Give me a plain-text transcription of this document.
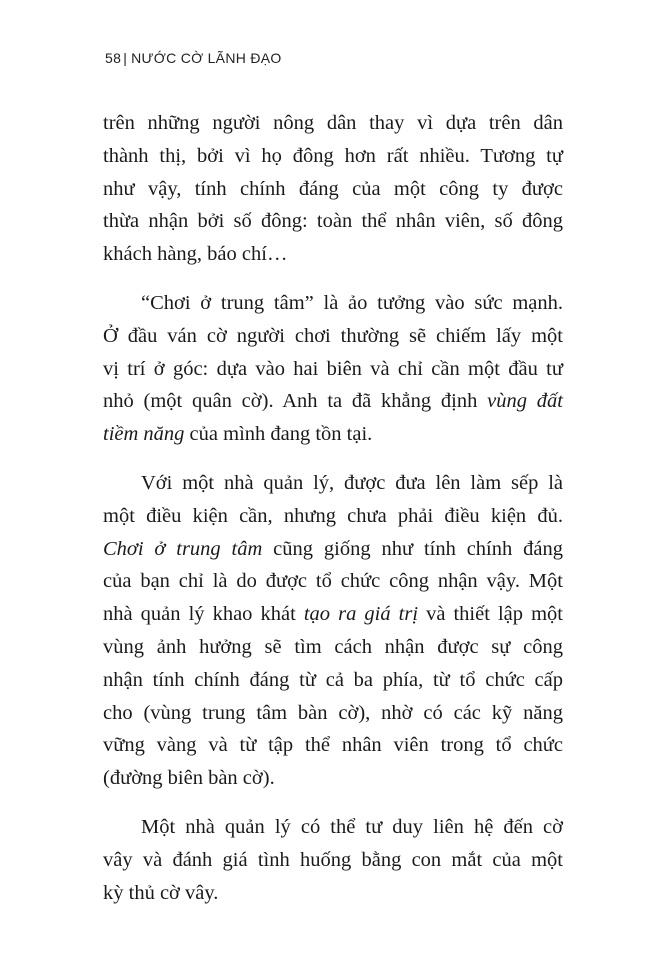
58 | NƯỚC CỜ LÃNH ĐẠO

trên những người nông dân thay vì dựa trên dân
thành thị, bởi vì họ đông hơn rất nhiều. Tương tự
như vậy, tính chính đáng của một công ty được
thừa nhận bởi số đông: toàn thể nhân viên, số đông
khách hàng, báo chí…

“Chơi ở trung tâm” là ảo tưởng vào sức mạnh.
Ở đầu ván cờ người chơi thường sẽ chiếm lấy một
vị trí ở góc: dựa vào hai biên và chỉ cần một đầu tư
nhỏ (một quân cờ). Anh ta đã khẳng định vùng đất
tiềm năng của mình đang tồn tại.

Với một nhà quản lý, được đưa lên làm sếp là
một điều kiện cần, nhưng chưa phải điều kiện đủ.
Chơi ở trung tâm cũng giống như tính chính đáng
của bạn chỉ là do được tổ chức công nhận vậy. Một
nhà quản lý khao khát tạo ra giá trị và thiết lập một
vùng ảnh hưởng sẽ tìm cách nhận được sự công
nhận tính chính đáng từ cả ba phía, từ tổ chức cấp
cho (vùng trung tâm bàn cờ), nhờ có các kỹ năng
vững vàng và từ tập thể nhân viên trong tổ chức
(đường biên bàn cờ).

Một nhà quản lý có thể tư duy liên hệ đến cờ
vây và đánh giá tình huống bằng con mắt của một
kỳ thủ cờ vây.
